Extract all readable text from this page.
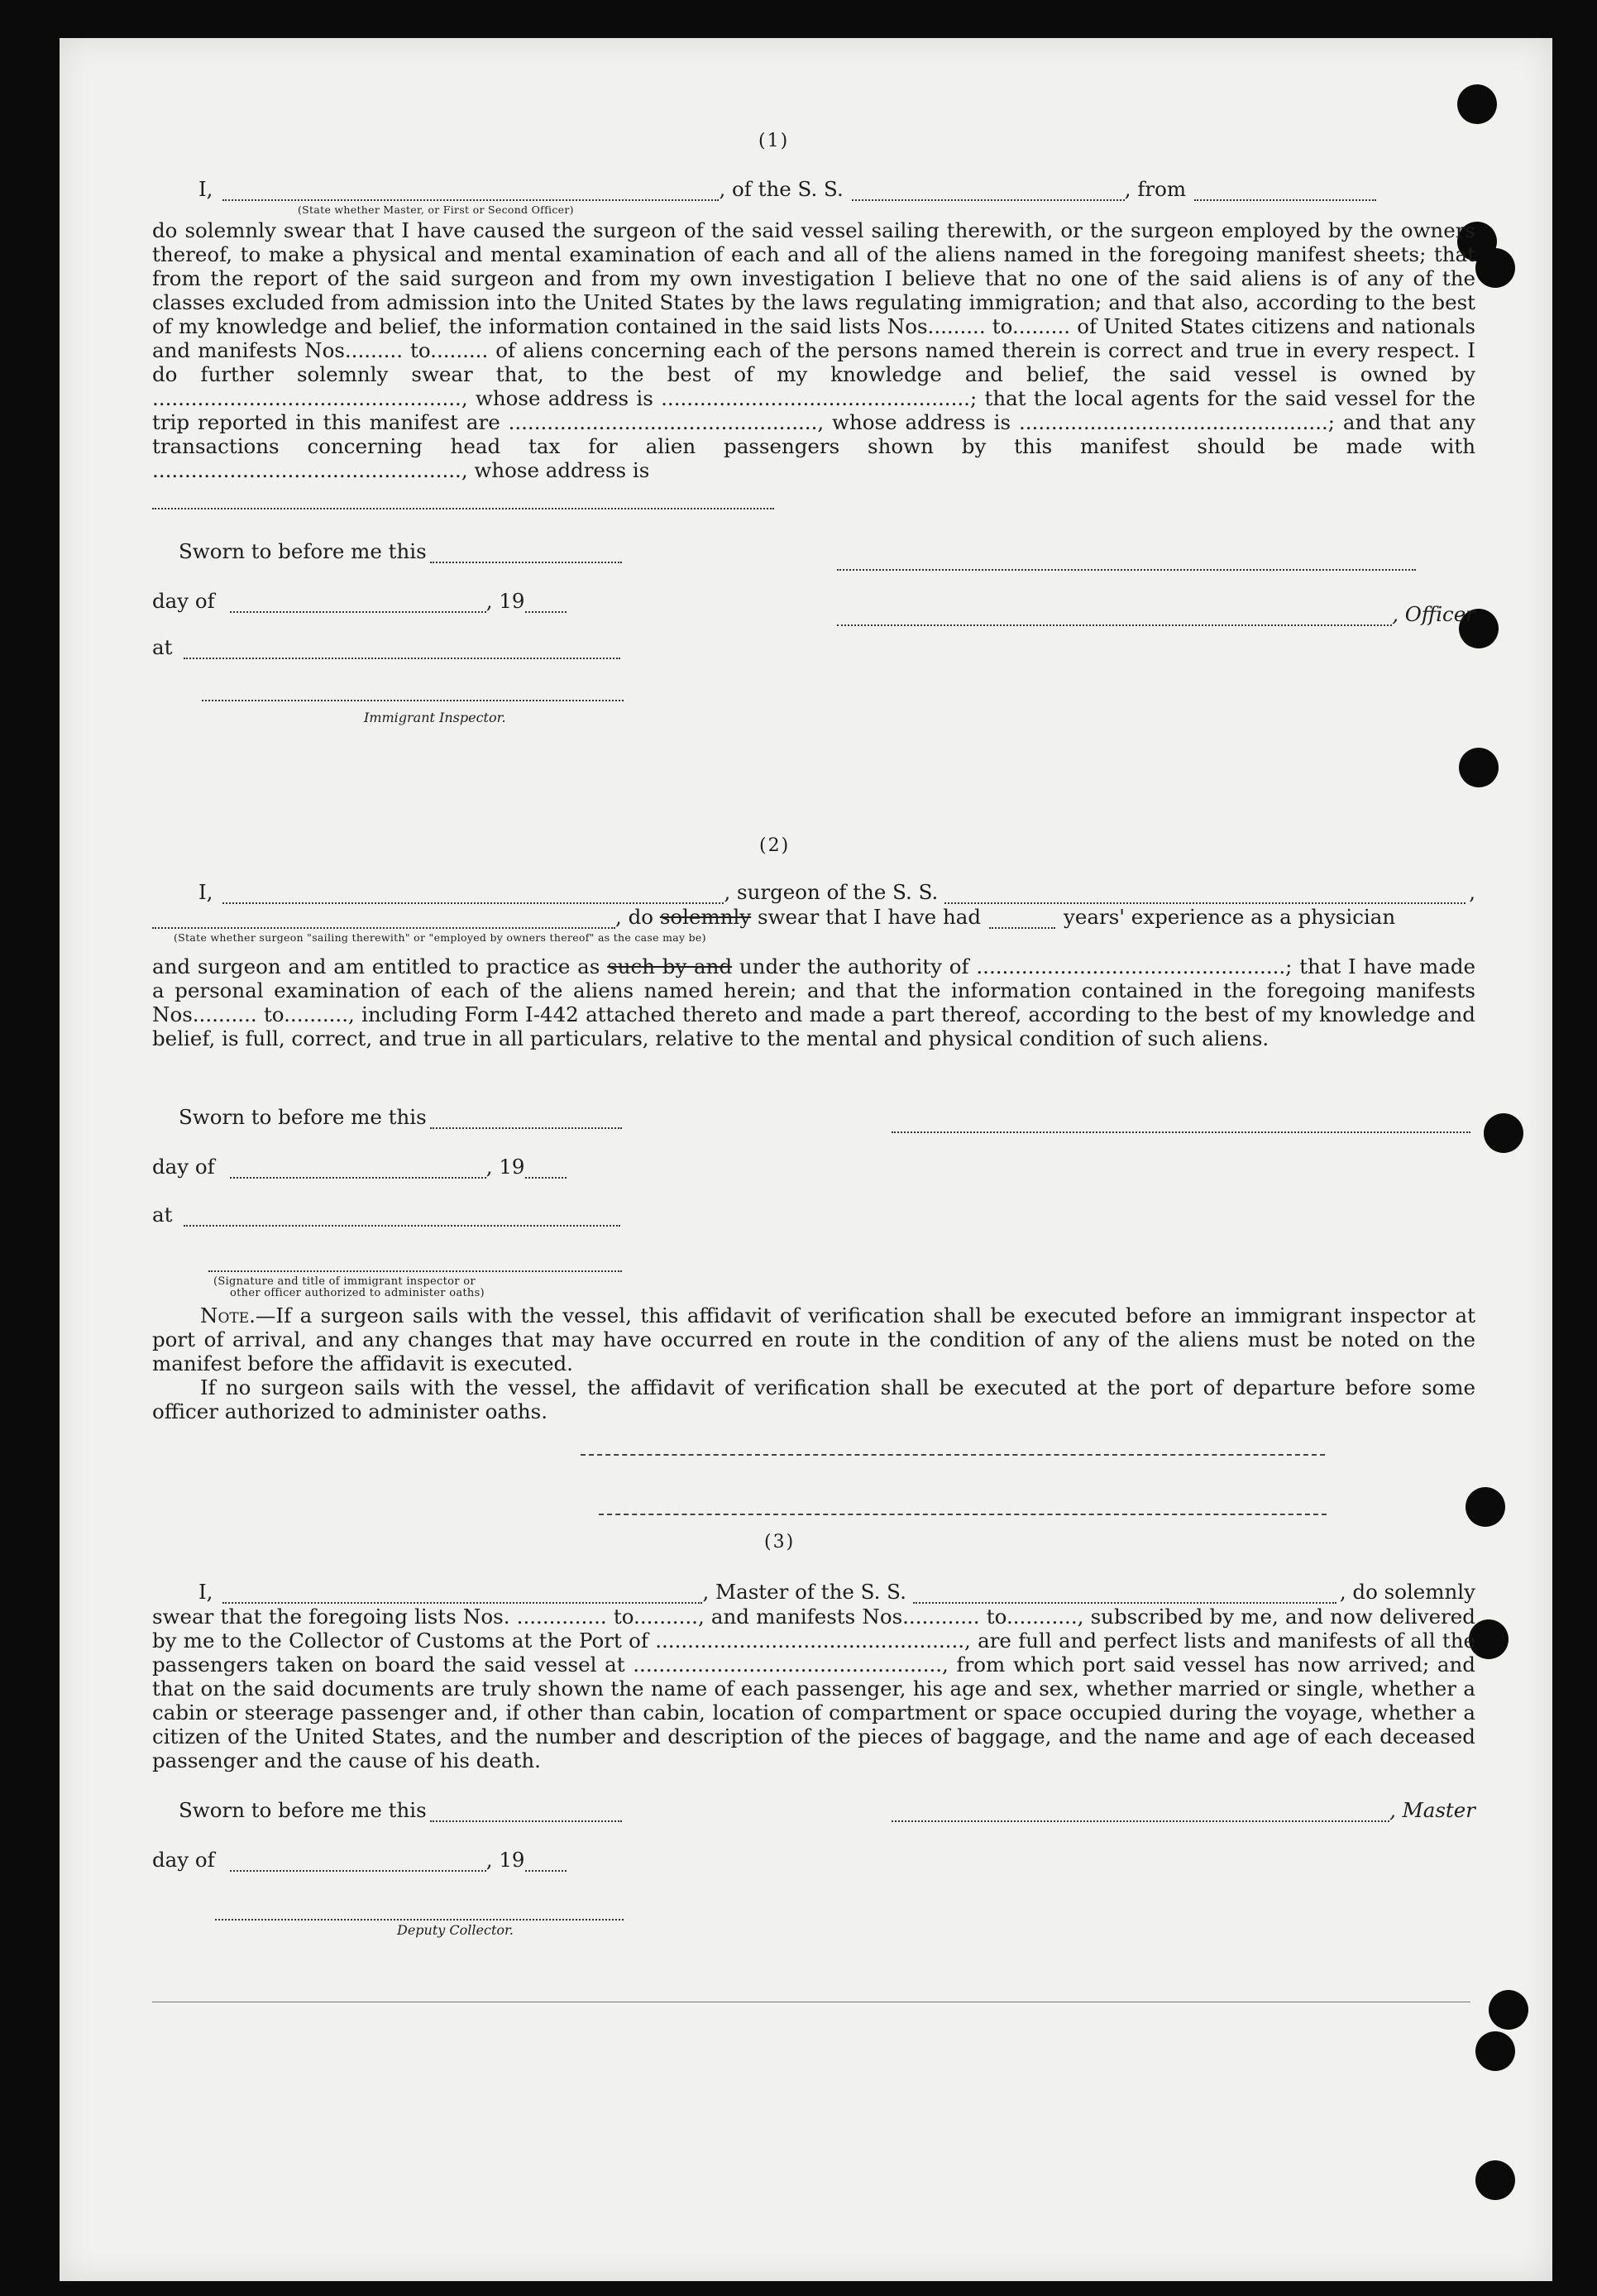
(1)
I,	, of the S. S.	, from
(State whether Master, or First or Second Officer)

do solemnly swear that I have caused the surgeon of the said vessel sailing therewith, or the surgeon employed by the owners thereof, to make a physical and mental examination of each and all of the aliens named in the foregoing manifest sheets; that from the report of the said surgeon and from my own investigation I believe that no one of the said aliens is of any of the classes excluded from admission into the United States by the laws regulating immigration; and that also, according to the best of my knowledge and belief, the information contained in the said lists Nos......... to......... of United States citizens and nationals and manifests Nos......... to......... of aliens concerning each of the persons named therein is correct and true in every respect. I do further solemnly swear that, to the best of my knowledge and belief, the said vessel is owned by ................................................, whose address is ................................................; that the local agents for the said vessel for the trip reported in this manifest are ................................................, whose address is ................................................; and that any transactions concerning head tax for alien passengers shown by this manifest should be made with ................................................, whose address is

Sworn to before me this
day of	, 19
at
Immigrant Inspector.
, Officer
(2)
I,	, surgeon of the S. S.	,
, do
solemnly
swear that I have had	years' experience as a physician
(State whether surgeon "sailing therewith" or "employed by owners thereof" as the case may be)

and surgeon and am entitled to practice as such by and under the authority of ................................................; that I have made a personal examination of each of the aliens named herein; and that the information contained in the foregoing manifests Nos.......... to.........., including Form I-442 attached thereto and made a part thereof, according to the best of my knowledge and belief, is full, correct, and true in all particulars, relative to the mental and physical condition of such aliens.

Sworn to before me this
day of	, 19
at
(Signature and title of immigrant inspector or
other officer authorized to administer oaths)

Note.—If a surgeon sails with the vessel, this affidavit of verification shall be executed before an immigrant inspector at port of arrival, and any changes that may have occurred en route in the condition of any of the aliens must be noted on the manifest before the affidavit is executed.

If no surgeon sails with the vessel, the affidavit of verification shall be executed at the port of departure before some officer authorized to administer oaths.

(3)
I,	, Master of the S. S.	, do solemnly

swear that the foregoing lists Nos. .............. to.........., and manifests Nos............ to..........., subscribed by me, and now delivered by me to the Collector of Customs at the Port of ................................................, are full and perfect lists and manifests of all the passengers taken on board the said vessel at ................................................, from which port said vessel has now arrived; and that on the said documents are truly shown the name of each passenger, his age and sex, whether married or single, whether a cabin or steerage passenger and, if other than cabin, location of compartment or space occupied during the voyage, whether a citizen of the United States, and the number and description of the pieces of baggage, and the name and age of each deceased passenger and the cause of his death.

Sworn to before me this	, Master
day of	, 19
Deputy Collector.
